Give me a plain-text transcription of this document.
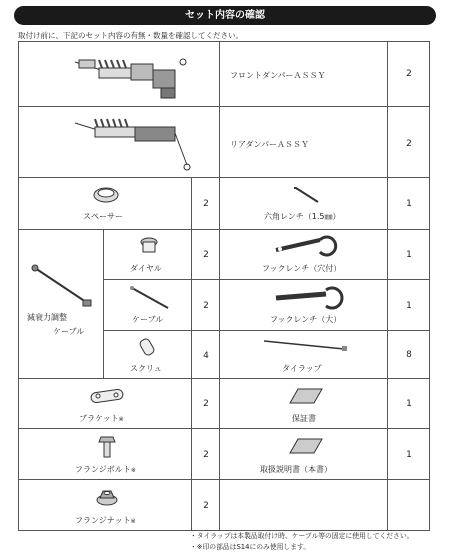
セット内容の確認
取付け前に、下記のセット内容の有無・数量を確認してください。
フロントダンパーＡＳＳＹ	2
リアダンパーＡＳＳＹ	2
スペーサー
2
六角レンチ（1.5㎜）
1
減衰力調整
ケーブル
ダイヤル
2
ケーブル
2
スクリュ
4
フックレンチ（穴付）
1
フックレンチ（大）
1
タイラップ
8
ブラケット※
2
保証書
1
フランジボルト※
2
取扱説明書（本書）
1
フランジナット※
2
・タイラップは本製品取付け時、ケーブル等の固定に使用してください。
・※印の部品はS14にのみ使用します。
